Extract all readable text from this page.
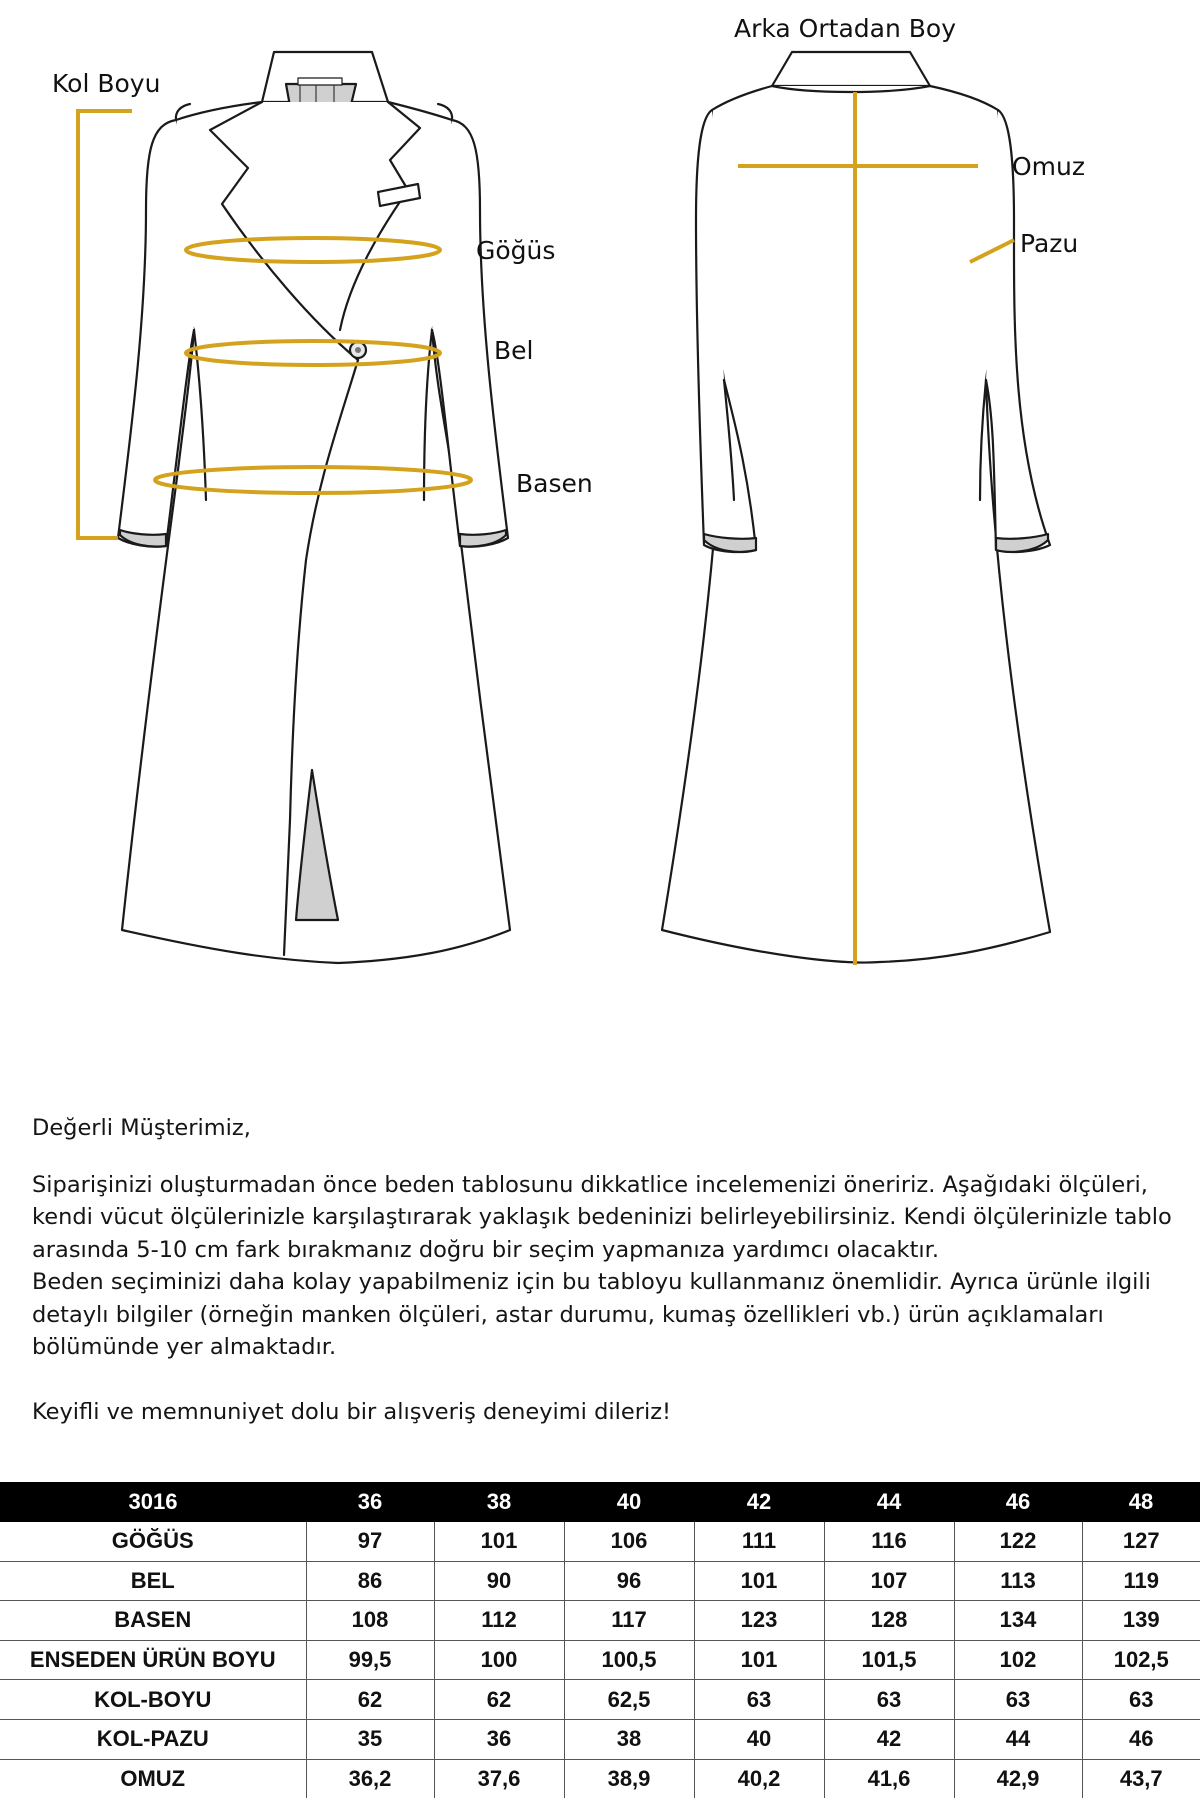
Kol Boyu
Göğüs
Bel
Basen
Arka Ortadan Boy
Omuz
Pazu

Değerli Müşterimiz,

Siparişinizi oluşturmadan önce beden tablosunu dikkatlice incelemenizi öneririz. Aşağıdaki ölçüleri, kendi vücut ölçülerinizle karşılaştırarak yaklaşık bedeninizi belirleyebilirsiniz. Kendi ölçülerinizle tablo arasında 5-10 cm fark bırakmanız doğru bir seçim yapmanıza yardımcı olacaktır.

Beden seçiminizi daha kolay yapabilmeniz için bu tabloyu kullanmanız önemlidir. Ayrıca ürünle ilgili detaylı bilgiler (örneğin manken ölçüleri, astar durumu, kumaş özellikleri vb.) ürün açıklamaları bölümünde yer almaktadır.

Keyifli ve memnuniyet dolu bir alışveriş deneyimi dileriz!

3016	36	38	40	42	44	46	48
GÖĞÜS	97	101	106	111	116	122	127
BEL	86	90	96	101	107	113	119
BASEN	108	112	117	123	128	134	139
ENSEDEN ÜRÜN BOYU	99,5	100	100,5	101	101,5	102	102,5
KOL-BOYU	62	62	62,5	63	63	63	63
KOL-PAZU	35	36	38	40	42	44	46
OMUZ	36,2	37,6	38,9	40,2	41,6	42,9	43,7
